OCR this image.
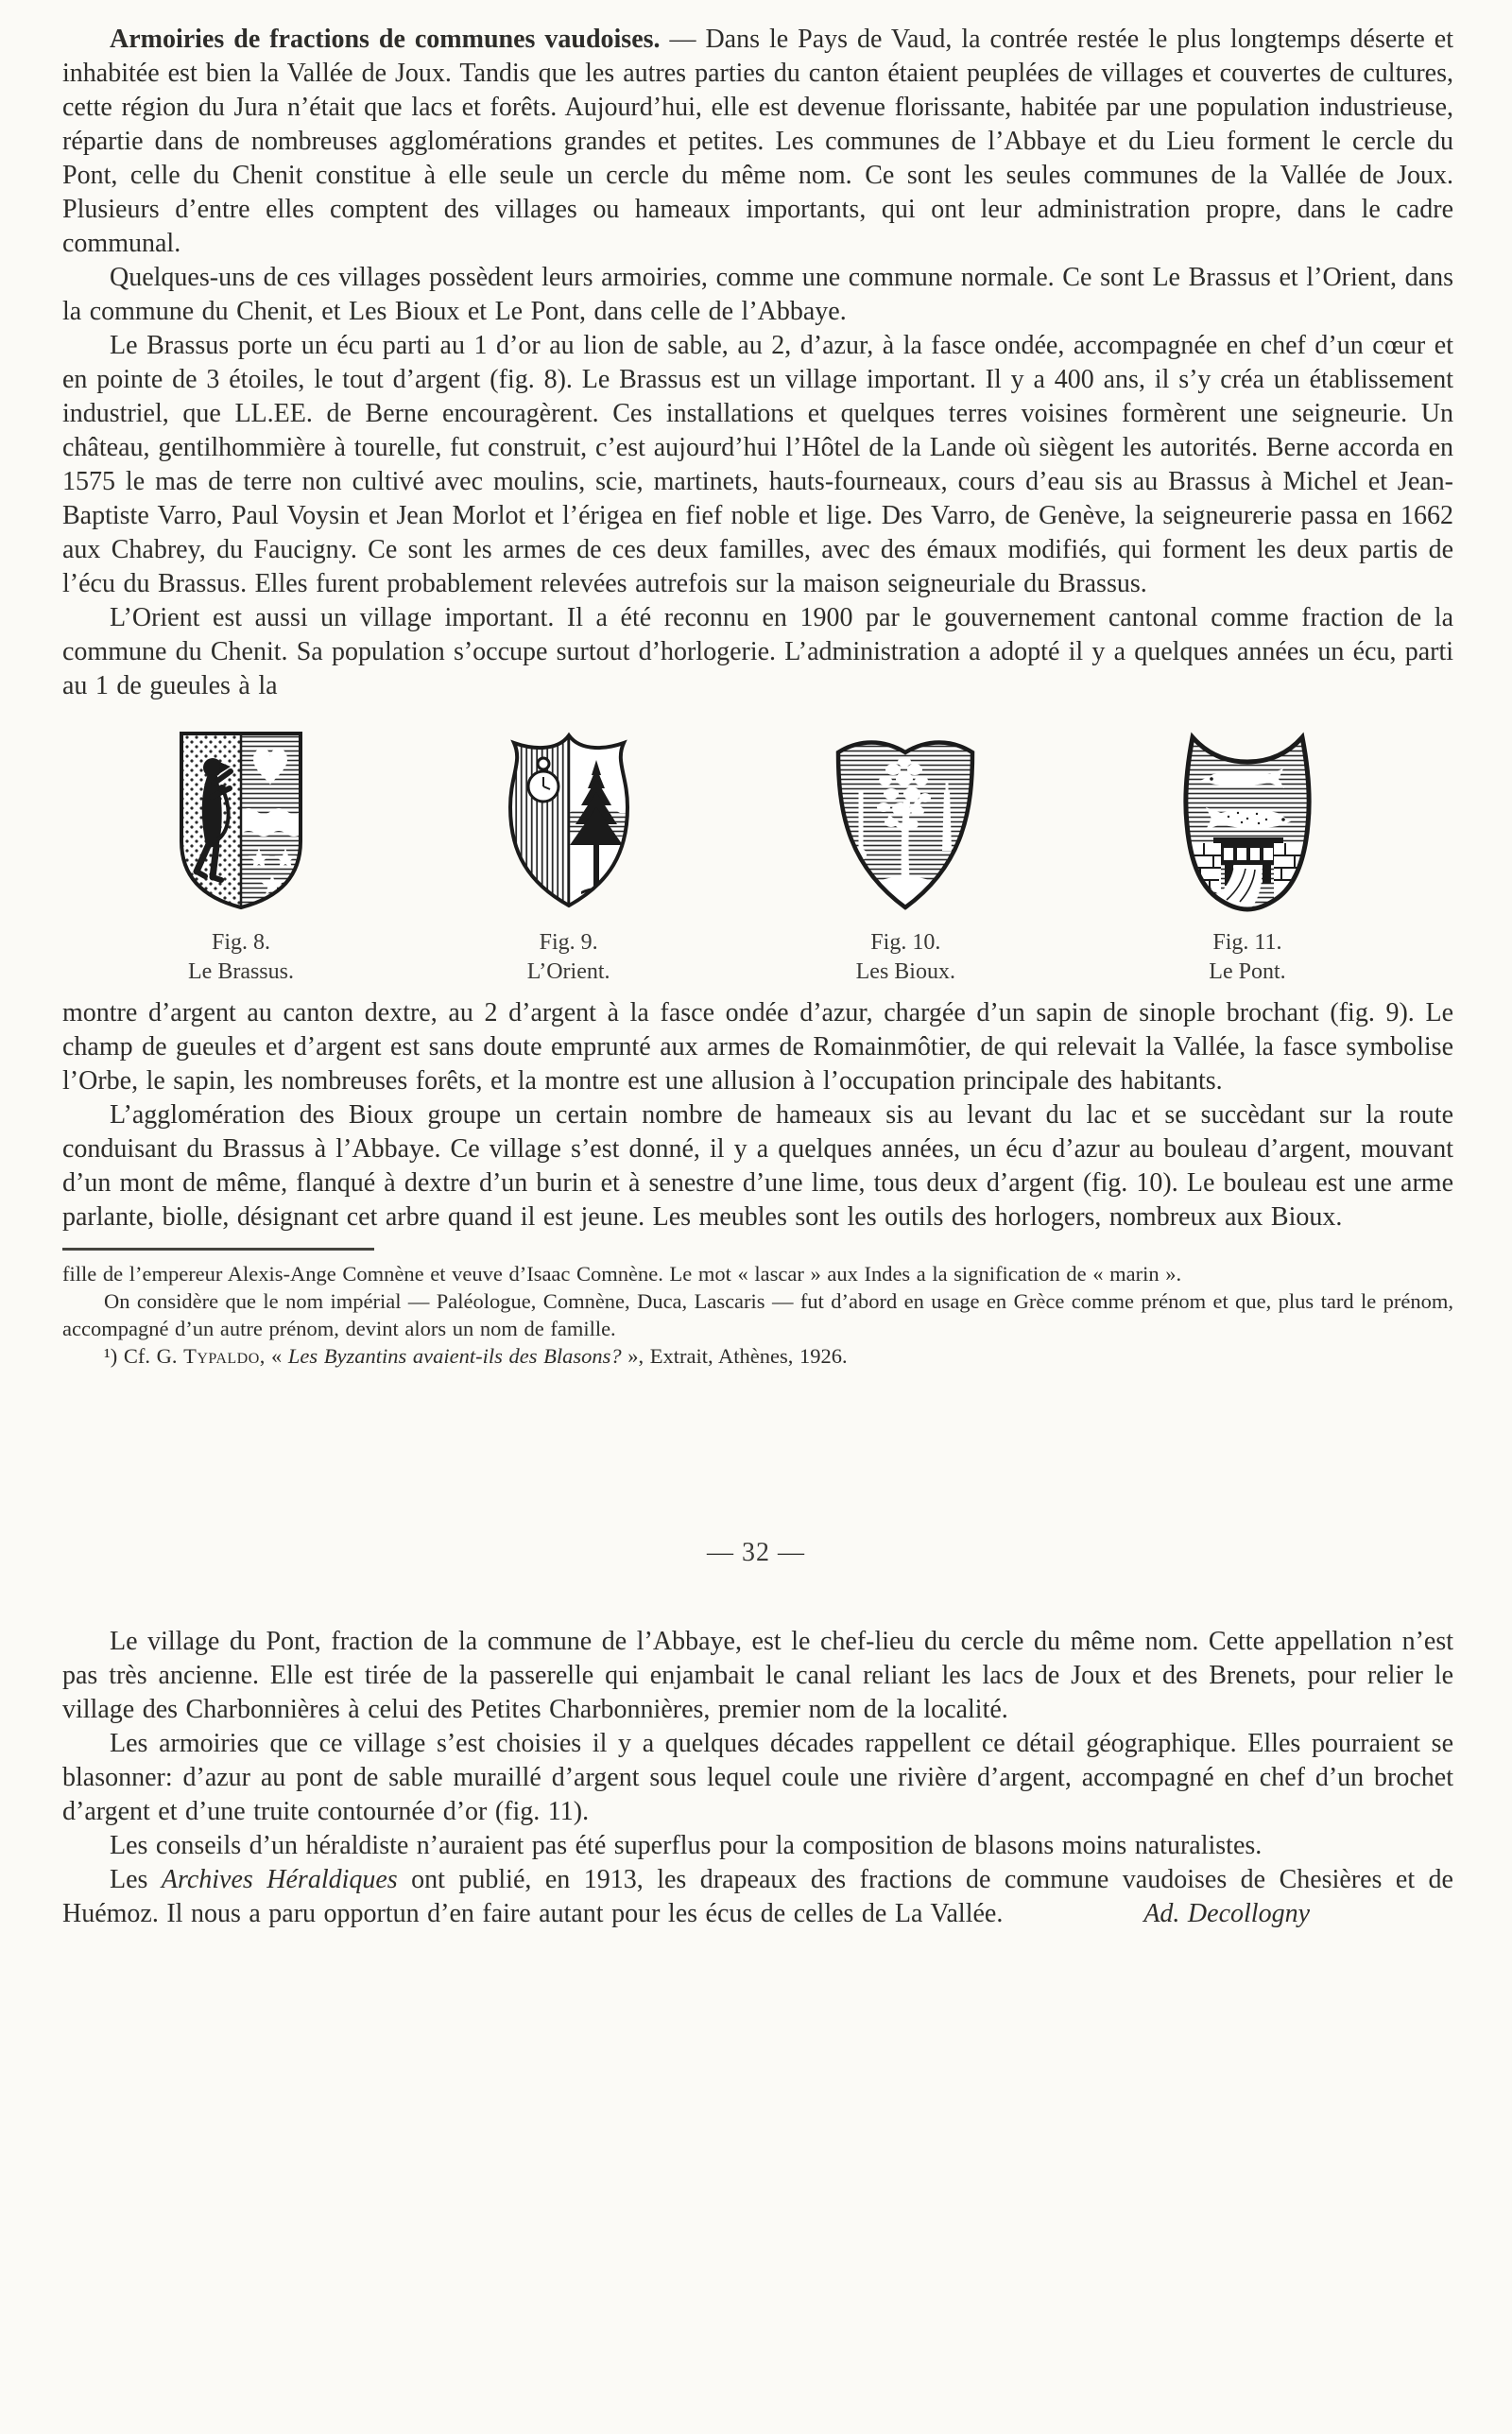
Armoiries de fractions de communes vaudoises. — Dans le Pays de Vaud, la contrée restée le plus longtemps déserte et inhabitée est bien la Vallée de Joux. Tandis que les autres parties du canton étaient peuplées de villages et couvertes de cultures, cette région du Jura n’était que lacs et forêts. Aujourd’hui, elle est devenue florissante, habitée par une population industrieuse, répartie dans de nombreuses agglomérations grandes et petites. Les communes de l’Abbaye et du Lieu forment le cercle du Pont, celle du Chenit constitue à elle seule un cercle du même nom. Ce sont les seules communes de la Vallée de Joux. Plusieurs d’entre elles comptent des villages ou hameaux importants, qui ont leur administration propre, dans le cadre communal.

Quelques-uns de ces villages possèdent leurs armoiries, comme une commune normale. Ce sont Le Brassus et l’Orient, dans la commune du Chenit, et Les Bioux et Le Pont, dans celle de l’Abbaye.

Le Brassus porte un écu parti au 1 d’or au lion de sable, au 2, d’azur, à la fasce ondée, accompagnée en chef d’un cœur et en pointe de 3 étoiles, le tout d’argent (fig. 8). Le Brassus est un village important. Il y a 400 ans, il s’y créa un établissement industriel, que LL.EE. de Berne encouragèrent. Ces installations et quelques terres voisines formèrent une seigneurie. Un château, gentilhommière à tourelle, fut construit, c’est aujourd’hui l’Hôtel de la Lande où siègent les autorités. Berne accorda en 1575 le mas de terre non cultivé avec moulins, scie, martinets, hauts-fourneaux, cours d’eau sis au Brassus à Michel et Jean-Baptiste Varro, Paul Voysin et Jean Morlot et l’érigea en fief noble et lige. Des Varro, de Genève, la seigneurerie passa en 1662 aux Chabrey, du Faucigny. Ce sont les armes de ces deux familles, avec des émaux modifiés, qui forment les deux partis de l’écu du Brassus. Elles furent probablement relevées autrefois sur la maison seigneuriale du Brassus.

L’Orient est aussi un village important. Il a été reconnu en 1900 par le gouvernement cantonal comme fraction de la commune du Chenit. Sa population s’occupe surtout d’horlogerie. L’administration a adopté il y a quelques années un écu, parti au 1 de gueules à la

Fig. 8.
Le Brassus.
Fig. 9.
L’Orient.
Fig. 10.
Les Bioux.
Fig. 11.
Le Pont.

montre d’argent au canton dextre, au 2 d’argent à la fasce ondée d’azur, chargée d’un sapin de sinople brochant (fig. 9). Le champ de gueules et d’argent est sans doute emprunté aux armes de Romainmôtier, de qui relevait la Vallée, la fasce symbolise l’Orbe, le sapin, les nombreuses forêts, et la montre est une allusion à l’occupation principale des habitants.

L’agglomération des Bioux groupe un certain nombre de hameaux sis au levant du lac et se succèdant sur la route conduisant du Brassus à l’Abbaye. Ce village s’est donné, il y a quelques années, un écu d’azur au bouleau d’argent, mouvant d’un mont de même, flanqué à dextre d’un burin et à senestre d’une lime, tous deux d’argent (fig. 10). Le bouleau est une arme parlante, biolle, désignant cet arbre quand il est jeune. Les meubles sont les outils des horlogers, nombreux aux Bioux.

fille de l’empereur Alexis-Ange Comnène et veuve d’Isaac Comnène. Le mot « lascar » aux Indes a la signification de « marin ».

On considère que le nom impérial — Paléologue, Comnène, Duca, Lascaris — fut d’abord en usage en Grèce comme prénom et que, plus tard le prénom, accompagné d’un autre prénom, devint alors un nom de famille.

¹) Cf. G. Typaldo, « Les Byzantins avaient-ils des Blasons? », Extrait, Athènes, 1926.

— 32 —

Le village du Pont, fraction de la commune de l’Abbaye, est le chef-lieu du cercle du même nom. Cette appellation n’est pas très ancienne. Elle est tirée de la passerelle qui enjambait le canal reliant les lacs de Joux et des Brenets, pour relier le village des Charbonnières à celui des Petites Charbonnières, premier nom de la localité.

Les armoiries que ce village s’est choisies il y a quelques décades rappellent ce détail géographique. Elles pourraient se blasonner: d’azur au pont de sable muraillé d’argent sous lequel coule une rivière d’argent, accompagné en chef d’un brochet d’argent et d’une truite contournée d’or (fig. 11).

Les conseils d’un héraldiste n’auraient pas été superflus pour la composition de blasons moins naturalistes.

Les Archives Héraldiques ont publié, en 1913, les drapeaux des fractions de commune vaudoises de Chesières et de Huémoz. Il nous a paru opportun d’en faire autant pour les écus de celles de La Vallée.	Ad. Decollogny
